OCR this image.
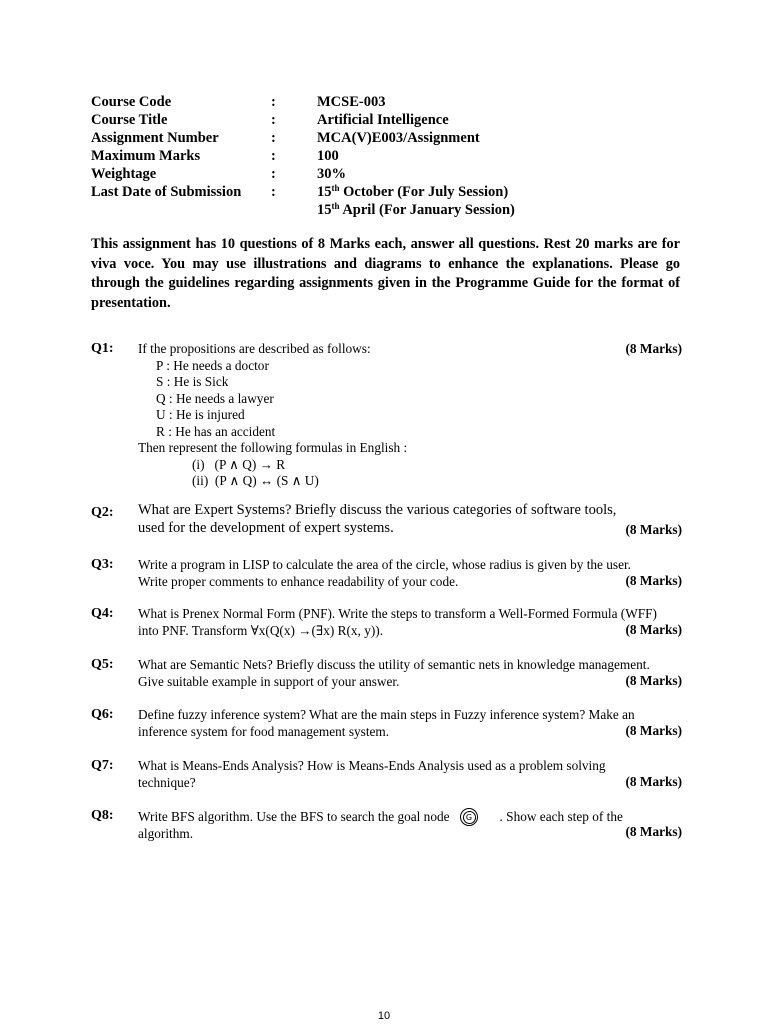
Course Code	:	MCSE-003
Course Title	:	Artificial Intelligence
Assignment Number	:	MCA(V)E003/Assignment
Maximum Marks	:	100
Weightage	:	30%
Last Date of Submission :	15th October (For July Session)
15th April (For January Session)
This assignment has 10 questions of 8 Marks each, answer all questions. Rest 20 marks are for viva voce. You may use illustrations and diagrams to enhance the explanations. Please go through the guidelines regarding assignments given in the Programme Guide for the format of presentation.
Q1: If the propositions are described as follows:
P : He needs a doctor
S : He is Sick
Q : He needs a lawyer
U : He is injured
R : He has an accident
Then represent the following formulas in English :
(i)   (P ∧ Q) → R
(ii)  (P ∧ Q) ↔ (S ∧ U)
(8 Marks)
Q2: What are Expert Systems? Briefly discuss the various categories of software tools,
used for the development of expert systems.	(8 Marks)
Q3: Write a program in LISP to calculate the area of the circle, whose radius is given by the user.
Write proper comments to enhance readability of your code.	(8 Marks)
Q4: What is Prenex Normal Form (PNF). Write the steps to transform a Well-Formed Formula (WFF)
into PNF. Transform ∀x(Q(x) →(∃x) R(x, y)).	(8 Marks)
Q5: What are Semantic Nets? Briefly discuss the utility of semantic nets in knowledge management.
Give suitable example in support of your answer.	(8 Marks)
Q6: Define fuzzy inference system? What are the main steps in Fuzzy inference system? Make an
inference system for food management system.	(8 Marks)
Q7: What is Means-Ends Analysis? How is Means-Ends Analysis used as a problem solving
technique?	(8 Marks)
Q8: Write BFS algorithm. Use the BFS to search the goal node	G . Show each step of the
algorithm.	(8 Marks)
10
